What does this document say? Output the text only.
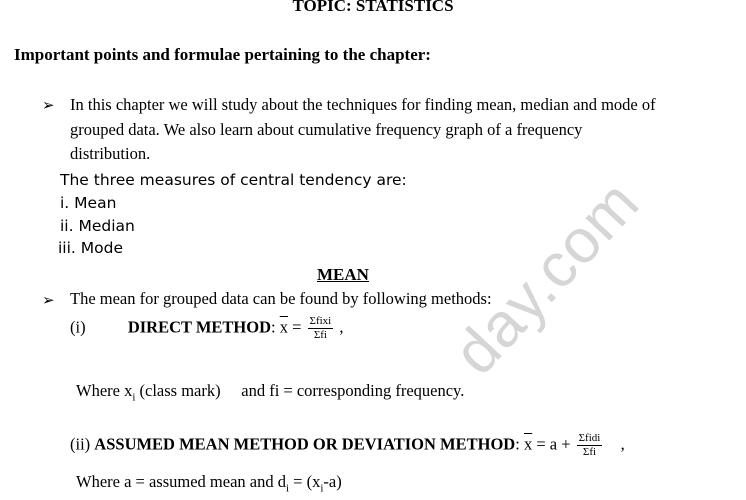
day.com
TOPIC: STATISTICS
Important points and formulae pertaining to the chapter:
➢ In this chapter we will study about the techniques for finding mean, median and mode of
grouped data. We also learn about cumulative frequency graph of a frequency
distribution.
The three measures of central tendency are:
i. Mean
ii. Median
iii. Mode
MEAN
➢ The mean for grouped data can be found by following methods:
(i)	DIRECT METHOD: $\overline{x} = \frac{\text{Σfixi}}{\text{Σfi}}$ ,
Where $x_i$ (class mark)     and fi = corresponding frequency.
(ii) ASSUMED MEAN METHOD OR DEVIATION METHOD: $\overline{x} = a + \frac{\text{Σfidi}}{\text{Σfi}}$ ,
Where a = assumed mean and $d_i = (x_i-a)$
